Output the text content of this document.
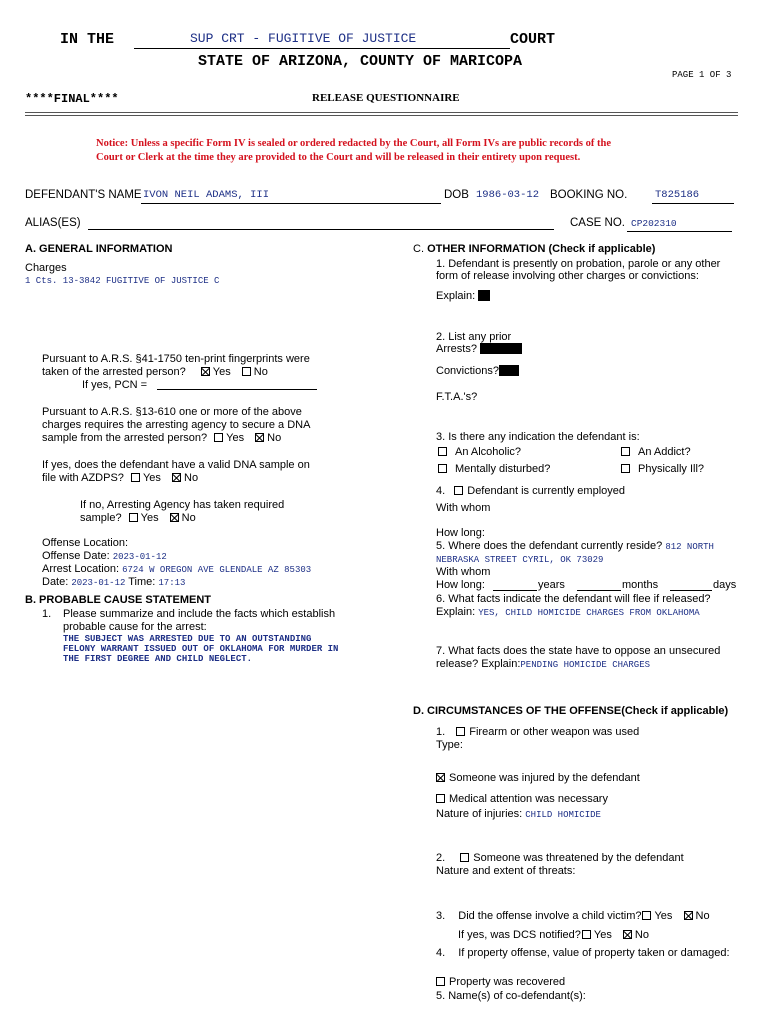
IN THE	SUP CRT - FUGITIVE OF JUSTICE	COURT
STATE OF ARIZONA, COUNTY OF MARICOPA
PAGE 1 OF 3
****FINAL****	RELEASE QUESTIONNAIRE
Notice: Unless a specific Form IV is sealed or ordered redacted by the Court, all Form IVs are public records of the
Court or Clerk at the time they are provided to the Court and will be released in their entirety upon request.
DEFENDANT'S NAME IVON NEIL ADAMS, III	DOB 1986-03-12 BOOKING NO.	T825186
ALIAS(ES)	CASE NO. CP202310
A. GENERAL INFORMATION
Charges
1 Cts. 13-3842 FUGITIVE OF JUSTICE C
Pursuant to A.R.S. §41-1750 ten-print fingerprints were
taken of the arrested person? Yes No
If yes, PCN =
Pursuant to A.R.S. §13-610 one or more of the above
charges requires the arresting agency to secure a DNA
sample from the arrested person? Yes No
If yes, does the defendant have a valid DNA sample on
file with AZDPS? Yes No
If no, Arresting Agency has taken required
sample? Yes No
Offense Location:
Offense Date: 2023-01-12
Arrest Location: 6724 W OREGON AVE GLENDALE AZ 85303
Date: 2023-01-12 Time: 17:13
B. PROBABLE CAUSE STATEMENT
1. Please summarize and include the facts which establish
probable cause for the arrest:
THE SUBJECT WAS ARRESTED DUE TO AN OUTSTANDING
FELONY WARRANT ISSUED OUT OF OKLAHOMA FOR MURDER IN
THE FIRST DEGREE AND CHILD NEGLECT.
C. OTHER INFORMATION (Check if applicable)
1. Defendant is presently on probation, parole or any other
form of release involving other charges or convictions:
Explain:
2. List any prior
Arrests?
Convictions?
F.T.A.'s?
3. Is there any indication the defendant is:
An Alcoholic?	An Addict?
Mentally disturbed?	Physically Ill?
4. Defendant is currently employed
With whom
How long:
5. Where does the defendant currently reside? 812 NORTH
NEBRASKA STREET CYRIL, OK 73029
With whom
How long:	years	months	days
6. What facts indicate the defendant will flee if released?
Explain: YES, CHILD HOMICIDE CHARGES FROM OKLAHOMA
7. What facts does the state have to oppose an unsecured
release? Explain:PENDING HOMICIDE CHARGES
D. CIRCUMSTANCES OF THE OFFENSE(Check if applicable)
1. Firearm or other weapon was used
Type:
Someone was injured by the defendant
Medical attention was necessary
Nature of injuries: CHILD HOMICIDE
2.	Someone was threatened by the defendant
Nature and extent of threats:
3. Did the offense involve a child victim? Yes No
If yes, was DCS notified? Yes No
4. If property offense, value of property taken or damaged:
Property was recovered
5. Name(s) of co-defendant(s):
